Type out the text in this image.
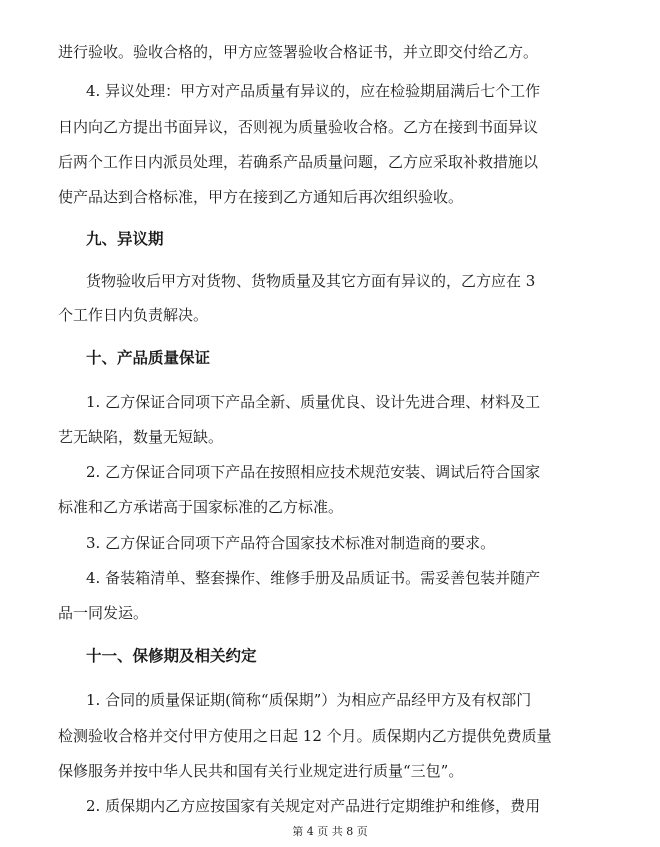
进行验收。验收合格的，甲方应签署验收合格证书，并立即交付给乙方。
4. 异议处理：甲方对产品质量有异议的，应在检验期届满后七个工作
日内向乙方提出书面异议，否则视为质量验收合格。乙方在接到书面异议
后两个工作日内派员处理，若确系产品质量问题，乙方应采取补救措施以
使产品达到合格标准，甲方在接到乙方通知后再次组织验收。
九、异议期
货物验收后甲方对货物、货物质量及其它方面有异议的，乙方应在 3
个工作日内负责解决。
十、产品质量保证
1. 乙方保证合同项下产品全新、质量优良、设计先进合理、材料及工
艺无缺陷，数量无短缺。
2. 乙方保证合同项下产品在按照相应技术规范安装、调试后符合国家
标准和乙方承诺高于国家标准的乙方标准。
3. 乙方保证合同项下产品符合国家技术标准对制造商的要求。
4. 备装箱清单、整套操作、维修手册及品质证书。需妥善包装并随产
品一同发运。
十一、保修期及相关约定
1. 合同的质量保证期(简称“质保期”）为相应产品经甲方及有权部门
检测验收合格并交付甲方使用之日起 12 个月。质保期内乙方提供免费质量
保修服务并按中华人民共和国有关行业规定进行质量“三包”。
2. 质保期内乙方应按国家有关规定对产品进行定期维护和维修，费用
第 4 页 共 8 页
